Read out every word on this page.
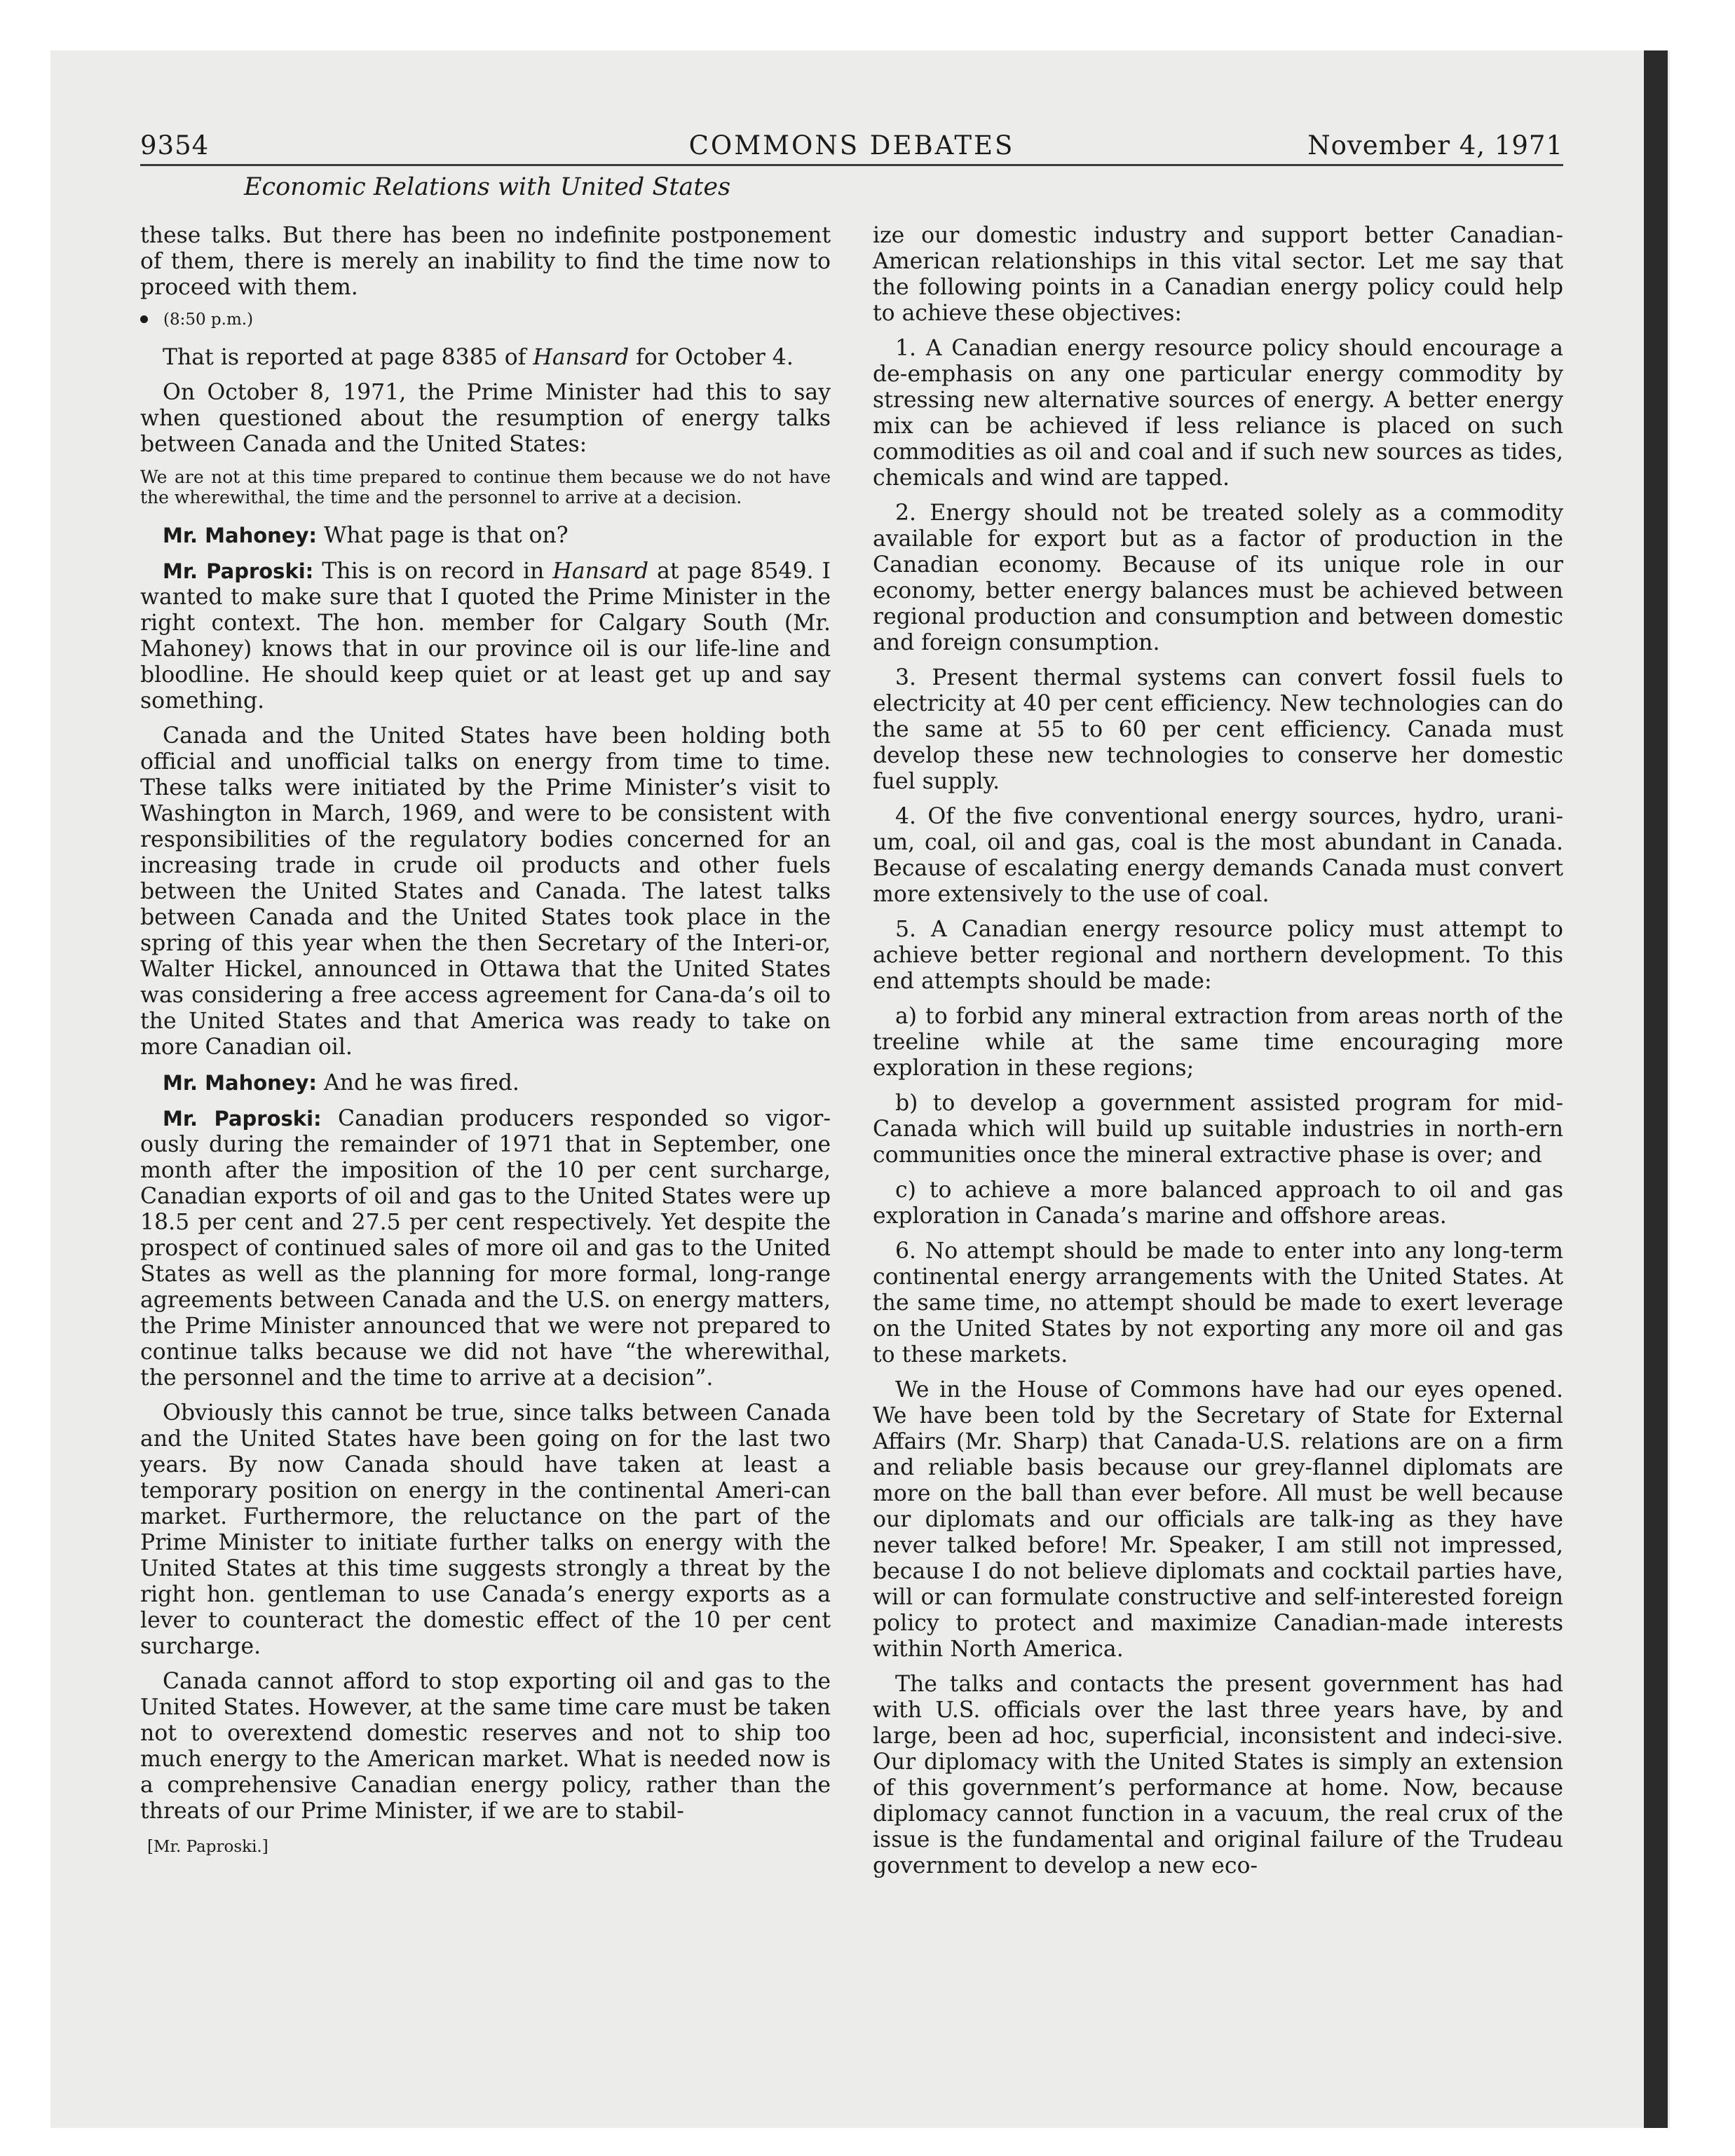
9354	COMMONS DEBATES	November 4, 1971
Economic Relations with United States

these talks. But there has been no indefinite postponement of them, there is merely an inability to find the time now to proceed with them.

(8:50 p.m.)

That is reported at page 8385 of Hansard for October 4.

On October 8, 1971, the Prime Minister had this to say when questioned about the resumption of energy talks between Canada and the United States:

We are not at this time prepared to continue them because we do not have the wherewithal, the time and the personnel to arrive at a decision.

Mr. Mahoney: What page is that on?

Mr. Paproski: This is on record in Hansard at page 8549. I wanted to make sure that I quoted the Prime Minister in the right context. The hon. member for Calgary South (Mr. Mahoney) knows that in our province oil is our life-line and bloodline. He should keep quiet or at least get up and say something.

Canada and the United States have been holding both official and unofficial talks on energy from time to time. These talks were initiated by the Prime Minister’s visit to Washington in March, 1969, and were to be consistent with responsibilities of the regulatory bodies concerned for an increasing trade in crude oil products and other fuels between the United States and Canada. The latest talks between Canada and the United States took place in the spring of this year when the then Secretary of the Interi-or, Walter Hickel, announced in Ottawa that the United States was considering a free access agreement for Cana-da’s oil to the United States and that America was ready to take on more Canadian oil.

Mr. Mahoney: And he was fired.

Mr. Paproski: Canadian producers responded so vigor-ously during the remainder of 1971 that in September, one month after the imposition of the 10 per cent surcharge, Canadian exports of oil and gas to the United States were up 18.5 per cent and 27.5 per cent respectively. Yet despite the prospect of continued sales of more oil and gas to the United States as well as the planning for more formal, long-range agreements between Canada and the U.S. on energy matters, the Prime Minister announced that we were not prepared to continue talks because we did not have “the wherewithal, the personnel and the time to arrive at a decision”.

Obviously this cannot be true, since talks between Canada and the United States have been going on for the last two years. By now Canada should have taken at least a temporary position on energy in the continental Ameri-can market. Furthermore, the reluctance on the part of the Prime Minister to initiate further talks on energy with the United States at this time suggests strongly a threat by the right hon. gentleman to use Canada’s energy exports as a lever to counteract the domestic effect of the 10 per cent surcharge.

Canada cannot afford to stop exporting oil and gas to the United States. However, at the same time care must be taken not to overextend domestic reserves and not to ship too much energy to the American market. What is needed now is a comprehensive Canadian energy policy, rather than the threats of our Prime Minister, if we are to stabil-

[Mr. Paproski.]

ize our domestic industry and support better Canadian-American relationships in this vital sector. Let me say that the following points in a Canadian energy policy could help to achieve these objectives:

1. A Canadian energy resource policy should encourage a de-emphasis on any one particular energy commodity by stressing new alternative sources of energy. A better energy mix can be achieved if less reliance is placed on such commodities as oil and coal and if such new sources as tides, chemicals and wind are tapped.

2. Energy should not be treated solely as a commodity available for export but as a factor of production in the Canadian economy. Because of its unique role in our economy, better energy balances must be achieved between regional production and consumption and between domestic and foreign consumption.

3. Present thermal systems can convert fossil fuels to electricity at 40 per cent efficiency. New technologies can do the same at 55 to 60 per cent efficiency. Canada must develop these new technologies to conserve her domestic fuel supply.

4. Of the five conventional energy sources, hydro, urani-um, coal, oil and gas, coal is the most abundant in Canada. Because of escalating energy demands Canada must convert more extensively to the use of coal.

5. A Canadian energy resource policy must attempt to achieve better regional and northern development. To this end attempts should be made:

a) to forbid any mineral extraction from areas north of the treeline while at the same time encouraging more exploration in these regions;

b) to develop a government assisted program for mid-Canada which will build up suitable industries in north-ern communities once the mineral extractive phase is over; and

c) to achieve a more balanced approach to oil and gas exploration in Canada’s marine and offshore areas.

6. No attempt should be made to enter into any long-term continental energy arrangements with the United States. At the same time, no attempt should be made to exert leverage on the United States by not exporting any more oil and gas to these markets.

We in the House of Commons have had our eyes opened. We have been told by the Secretary of State for External Affairs (Mr. Sharp) that Canada-U.S. relations are on a firm and reliable basis because our grey-flannel diplomats are more on the ball than ever before. All must be well because our diplomats and our officials are talk-ing as they have never talked before! Mr. Speaker, I am still not impressed, because I do not believe diplomats and cocktail parties have, will or can formulate constructive and self-interested foreign policy to protect and maximize Canadian-made interests within North America.

The talks and contacts the present government has had with U.S. officials over the last three years have, by and large, been ad hoc, superficial, inconsistent and indeci-sive. Our diplomacy with the United States is simply an extension of this government’s performance at home. Now, because diplomacy cannot function in a vacuum, the real crux of the issue is the fundamental and original failure of the Trudeau government to develop a new eco-
